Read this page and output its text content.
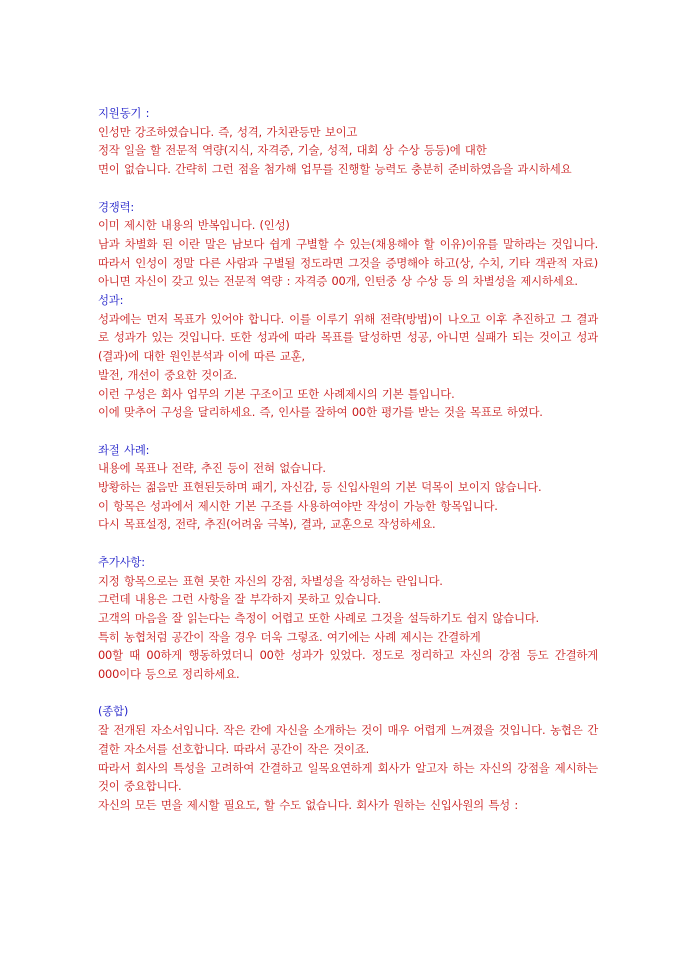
지원동기 :
인성만 강조하였습니다. 즉, 성격, 가치관등만 보이고
정작 일을 할 전문적 역량(지식, 자격증, 기술, 성적, 대회 상 수상 등등)에 대한
면이 없습니다. 간략히 그런 점을 첨가해 업무를 진행할 능력도 충분히 준비하였음을 과시하세요
경쟁력:
이미 제시한 내용의 반복입니다. (인성)
남과 차별화 된 이란 말은 남보다 쉽게 구별할 수 있는(채용해야 할 이유)이유를 말하라는 것입니다. 따라서 인성이 정말 다른 사람과 구별될 정도라면 그것을 증명해야 하고(상, 수치, 기타 객관적 자료) 아니면 자신이 갖고 있는 전문적 역량 : 자격증 00개, 인턴중 상 수상 등 의 차별성을 제시하세요.
성과:
성과에는 먼저 목표가 있어야 합니다. 이를 이루기 위해 전략(방법)이 나오고 이후 추진하고 그 결과로 성과가 있는 것입니다. 또한 성과에 따라 목표를 달성하면 성공, 아니면 실패가 되는 것이고 성과(결과)에 대한 원인분석과 이에 따른 교훈,
발전, 개선이 중요한 것이죠.
이런 구성은 회사 업무의 기본 구조이고 또한 사례제시의 기본 틀입니다.
이에 맞추어 구성을 달리하세요. 즉, 인사를 잘하여 00한 평가를 받는 것을 목표로 하였다.
좌절 사례:
내용에 목표나 전략, 추진 등이 전혀 없습니다.
방황하는 젊음만 표현된듯하며 패기, 자신감, 등 신입사원의 기본 덕목이 보이지 않습니다.
이 항목은 성과에서 제시한 기본 구조를 사용하여야만 작성이 가능한 항목입니다.
다시 목표설정, 전략, 추진(어려움 극복), 결과, 교훈으로 작성하세요.
추가사항:
지정 항목으로는 표현 못한 자신의 강점, 차별성을 작성하는 란입니다.
그런데 내용은 그런 사항을 잘 부각하지 못하고 있습니다.
고객의 마음을 잘 읽는다는 측정이 어렵고 또한 사례로 그것을 설득하기도 쉽지 않습니다.
특히 농협처럼 공간이 작을 경우 더욱 그렇죠. 여기에는 사례 제시는 간결하게
00할 때 00하게 행동하였더니 00한 성과가 있었다. 정도로 정리하고 자신의 강점 등도 간결하게 000이다 등으로 정리하세요.
(종합)
잘 전개된 자소서입니다. 작은 칸에 자신을 소개하는 것이 매우 어렵게 느껴졌을 것입니다. 농협은 간결한 자소서를 선호합니다. 따라서 공간이 작은 것이죠.
따라서 회사의 특성을 고려하여 간결하고 일목요연하게 회사가 알고자 하는 자신의 강점을 제시하는 것이 중요합니다.
자신의 모든 면을 제시할 필요도, 할 수도 없습니다. 회사가 원하는 신입사원의 특성 :
